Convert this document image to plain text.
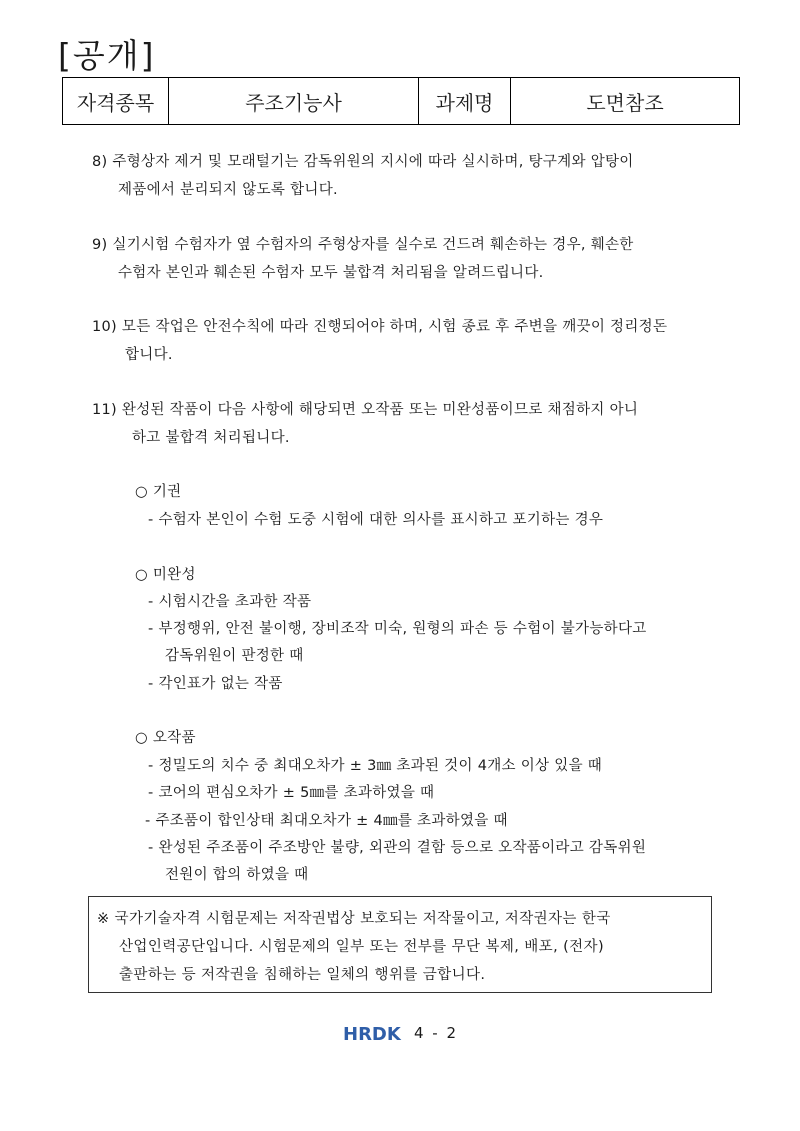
[공개]
자격종목	주조기능사	과제명	도면참조
8) 주형상자 제거 및 모래털기는 감독위원의 지시에 따라 실시하며, 탕구계와 압탕이
제품에서 분리되지 않도록 합니다.
9) 실기시험 수험자가 옆 수험자의 주형상자를 실수로 건드려 훼손하는 경우, 훼손한
수험자 본인과 훼손된 수험자 모두 불합격 처리됨을 알려드립니다.
10) 모든 작업은 안전수칙에 따라 진행되어야 하며, 시험 종료 후 주변을 깨끗이 정리정돈
합니다.
11) 완성된 작품이 다음 사항에 해당되면 오작품 또는 미완성품이므로 채점하지 아니
하고 불합격 처리됩니다.
○ 기권
- 수험자 본인이 수험 도중 시험에 대한 의사를 표시하고 포기하는 경우
○ 미완성
- 시험시간을 초과한 작품
- 부정행위, 안전 불이행, 장비조작 미숙, 원형의 파손 등 수험이 불가능하다고
감독위원이 판정한 때
- 각인표가 없는 작품
○ 오작품
- 정밀도의 치수 중 최대오차가 ± 3㎜ 초과된 것이 4개소 이상 있을 때
- 코어의 편심오차가 ± 5㎜를 초과하였을 때
- 주조품이 합인상태 최대오차가 ± 4㎜를 초과하였을 때
- 완성된 주조품이 주조방안 불량, 외관의 결함 등으로 오작품이라고 감독위원
전원이 합의 하였을 때
※ 국가기술자격 시험문제는 저작권법상 보호되는 저작물이고, 저작권자는 한국
산업인력공단입니다. 시험문제의 일부 또는 전부를 무단 복제, 배포, (전자)
출판하는 등 저작권을 침해하는 일체의 행위를 금합니다.
HRDK 4 - 2
